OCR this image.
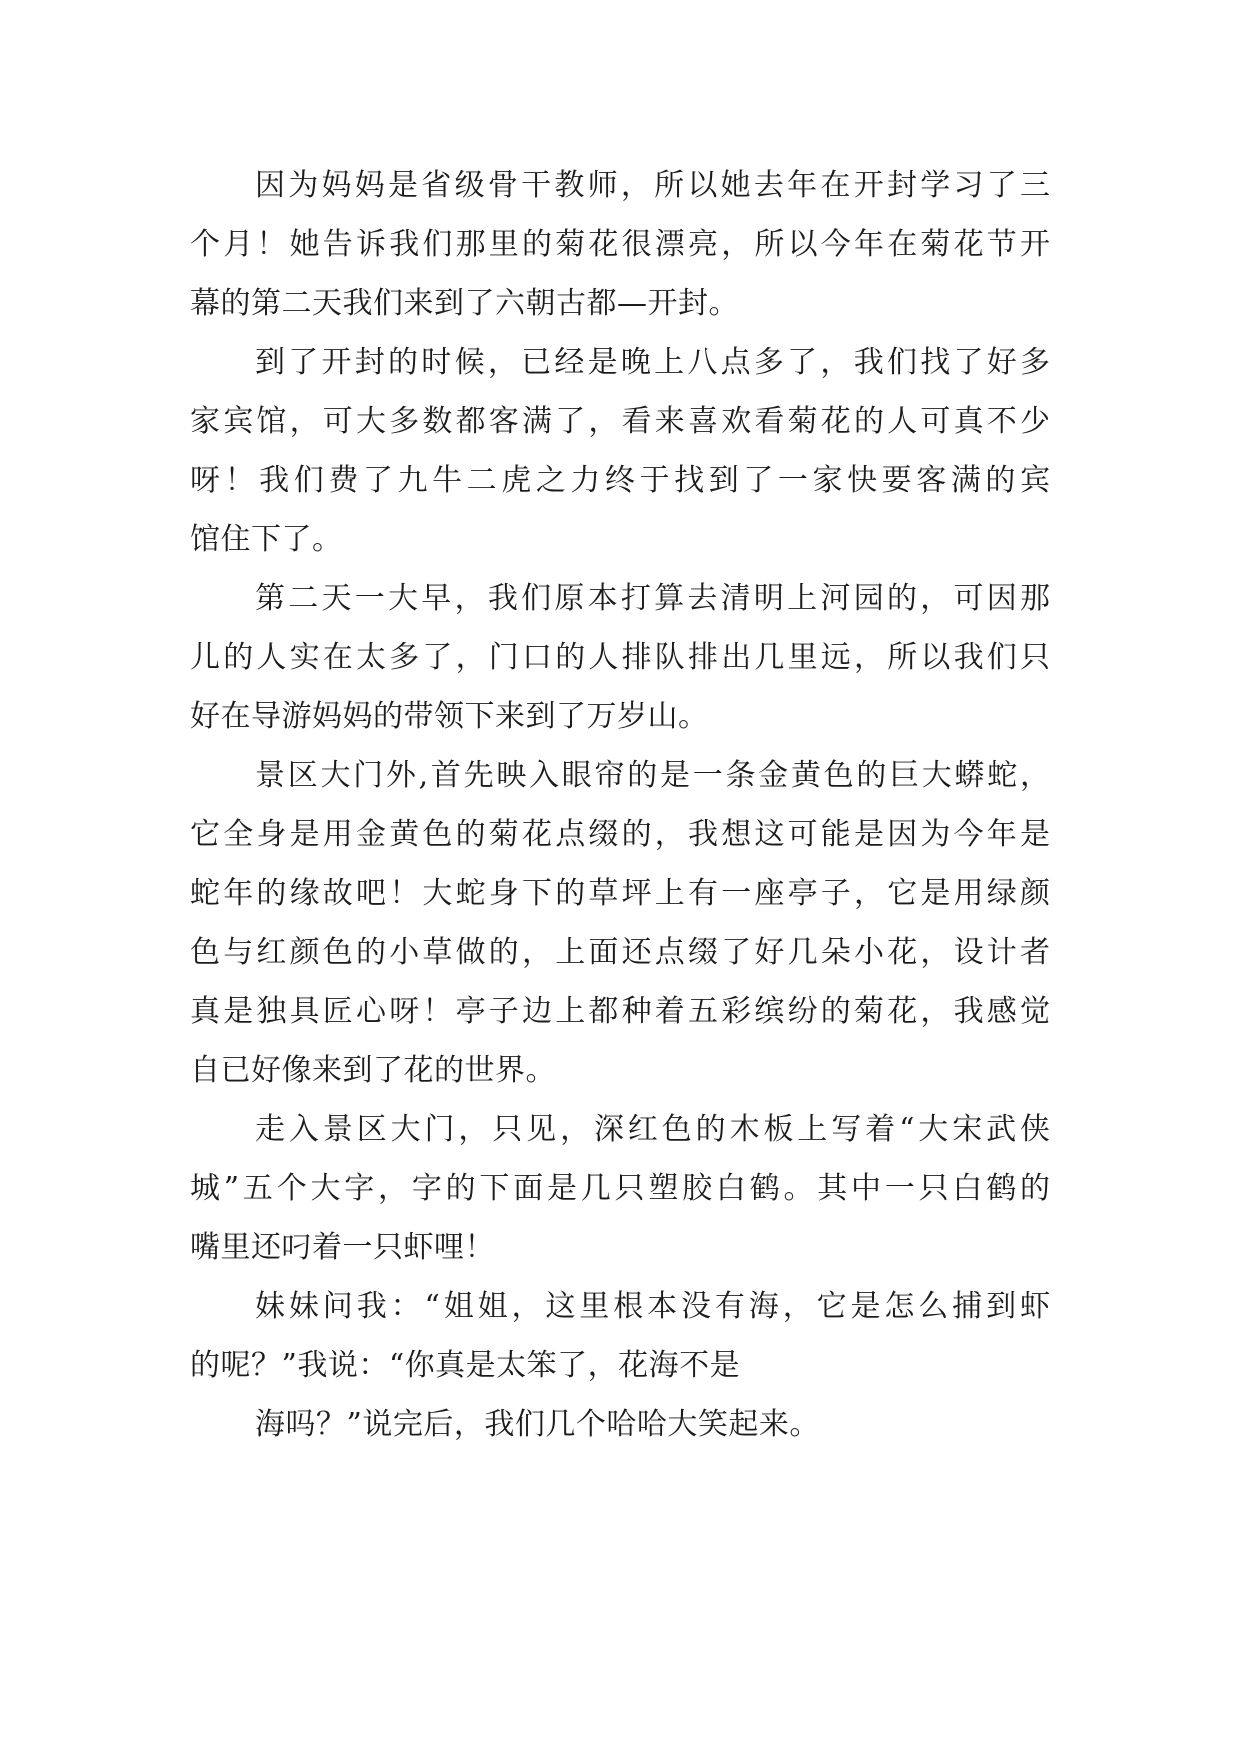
因为妈妈是省级骨干教师，所以她去年在开封学习了三
个月！她告诉我们那里的菊花很漂亮，所以今年在菊花节开
幕的第二天我们来到了六朝古都—开封。
到了开封的时候，已经是晚上八点多了，我们找了好多
家宾馆，可大多数都客满了，看来喜欢看菊花的人可真不少
呀！我们费了九牛二虎之力终于找到了一家快要客满的宾
馆住下了。
第二天一大早，我们原本打算去清明上河园的，可因那
儿的人实在太多了，门口的人排队排出几里远，所以我们只
好在导游妈妈的带领下来到了万岁山。
景区大门外,首先映入眼帘的是一条金黄色的巨大蟒蛇，
它全身是用金黄色的菊花点缀的，我想这可能是因为今年是
蛇年的缘故吧！大蛇身下的草坪上有一座亭子，它是用绿颜
色与红颜色的小草做的，上面还点缀了好几朵小花，设计者
真是独具匠心呀！亭子边上都种着五彩缤纷的菊花，我感觉
自已好像来到了花的世界。
走入景区大门，只见，深红色的木板上写着“大宋武侠
城”五个大字，字的下面是几只塑胶白鹤。其中一只白鹤的
嘴里还叼着一只虾哩！
妹妹问我：“姐姐，这里根本没有海，它是怎么捕到虾
的呢？”我说：“你真是太笨了，花海不是
海吗？”说完后，我们几个哈哈大笑起来。
